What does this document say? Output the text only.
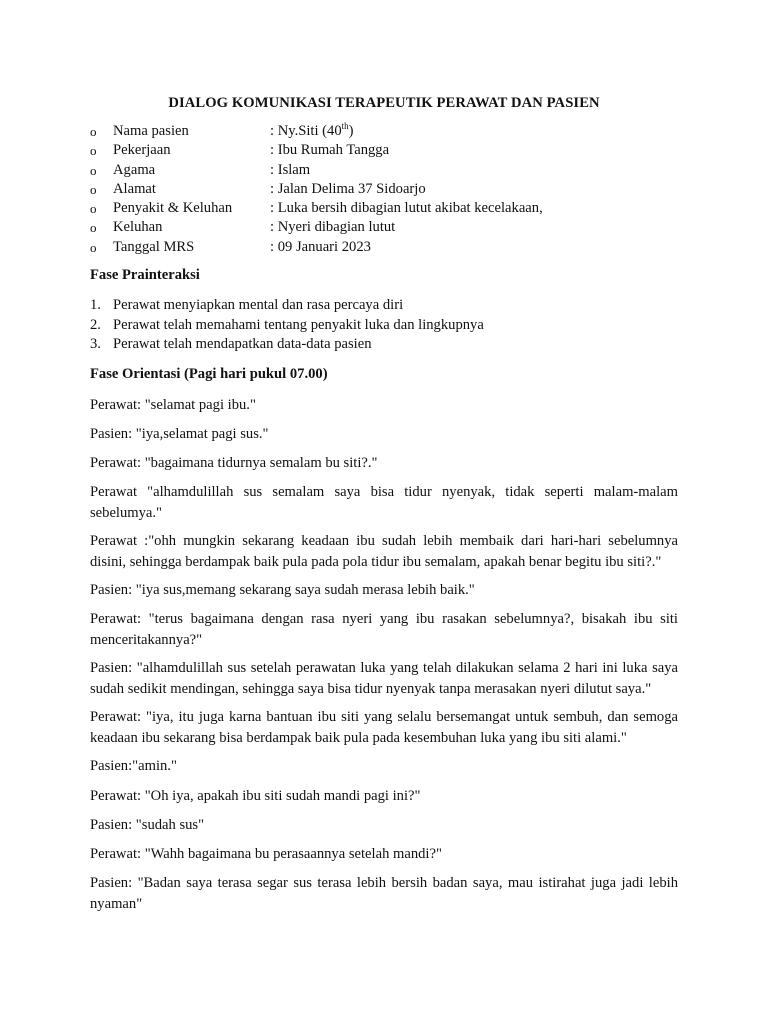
DIALOG KOMUNIKASI TERAPEUTIK PERAWAT DAN PASIEN
o	Nama pasien	: Ny.Siti (40th)
o	Pekerjaan	: Ibu Rumah Tangga
o	Agama	: Islam
o	Alamat	: Jalan Delima 37 Sidoarjo
o	Penyakit & Keluhan	: Luka bersih dibagian lutut akibat kecelakaan,
o	Keluhan	: Nyeri dibagian lutut
o	Tanggal MRS	: 09 Januari 2023
Fase Prainteraksi
1. Perawat menyiapkan mental dan rasa percaya diri
2. Perawat telah memahami tentang penyakit luka dan lingkupnya
3. Perawat telah mendapatkan data-data pasien
Fase Orientasi (Pagi hari pukul 07.00)
Perawat: "selamat pagi ibu."
Pasien: "iya,selamat pagi sus."
Perawat: "bagaimana tidurnya semalam bu siti?."
Perawat "alhamdulillah sus semalam saya bisa tidur nyenyak, tidak seperti malam-malam sebelumya."
Perawat :"ohh mungkin sekarang keadaan ibu sudah lebih membaik dari hari-hari sebelumnya disini, sehingga berdampak baik pula pada pola tidur ibu semalam, apakah benar begitu ibu siti?."
Pasien: "iya sus,memang sekarang saya sudah merasa lebih baik."
Perawat: "terus bagaimana dengan rasa nyeri yang ibu rasakan sebelumnya?, bisakah ibu siti menceritakannya?"
Pasien: "alhamdulillah sus setelah perawatan luka yang telah dilakukan selama 2 hari ini luka saya sudah sedikit mendingan, sehingga saya bisa tidur nyenyak tanpa merasakan nyeri dilutut saya."
Perawat: "iya, itu juga karna bantuan ibu siti yang selalu bersemangat untuk sembuh, dan semoga keadaan ibu sekarang bisa berdampak baik pula pada kesembuhan luka yang ibu siti alami."
Pasien:"amin."
Perawat: "Oh iya, apakah ibu siti sudah mandi pagi ini?"
Pasien: "sudah sus"
Perawat: "Wahh bagaimana bu perasaannya setelah mandi?"
Pasien: "Badan saya terasa segar sus terasa lebih bersih badan saya, mau istirahat juga jadi lebih nyaman"
